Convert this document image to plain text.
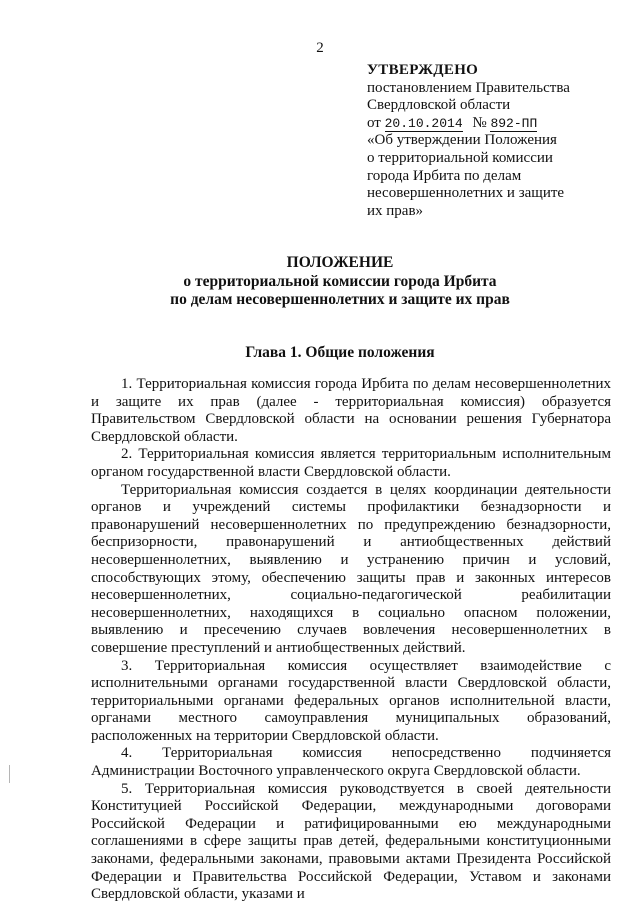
2
УТВЕРЖДЕНО
постановлением Правительства
Свердловской области
от 20.10.2014 № 892-ПП
«Об утверждении Положения
о территориальной комиссии
города Ирбита по делам
несовершеннолетних и защите
их прав»
ПОЛОЖЕНИЕ
о территориальной комиссии города Ирбита
по делам несовершеннолетних и защите их прав
Глава 1. Общие положения
1. Территориальная комиссия города Ирбита по делам несовершеннолетних и защите их прав (далее - территориальная комиссия) образуется Правительством Свердловской области на основании решения Губернатора Свердловской области.
2. Территориальная комиссия является территориальным исполнительным органом государственной власти Свердловской области.
Территориальная комиссия создается в целях координации деятельности органов и учреждений системы профилактики безнадзорности и правонарушений несовершеннолетних по предупреждению безнадзорности, беспризорности, правонарушений и антиобщественных действий несовершеннолетних, выявлению и устранению причин и условий, способствующих этому, обеспечению защиты прав и законных интересов несовершеннолетних, социально-педагогической реабилитации несовершеннолетних, находящихся в социально опасном положении, выявлению и пресечению случаев вовлечения несовершеннолетних в совершение преступлений и антиобщественных действий.
3. Территориальная комиссия осуществляет взаимодействие с исполнительными органами государственной власти Свердловской области, территориальными органами федеральных органов исполнительной власти, органами местного самоуправления муниципальных образований, расположенных на территории Свердловской области.
4. Территориальная комиссия непосредственно подчиняется Администрации Восточного управленческого округа Свердловской области.
5. Территориальная комиссия руководствуется в своей деятельности Конституцией Российской Федерации, международными договорами Российской Федерации и ратифицированными ею международными соглашениями в сфере защиты прав детей, федеральными конституционными законами, федеральными законами, правовыми актами Президента Российской Федерации и Правительства Российской Федерации, Уставом и законами Свердловской области, указами и
